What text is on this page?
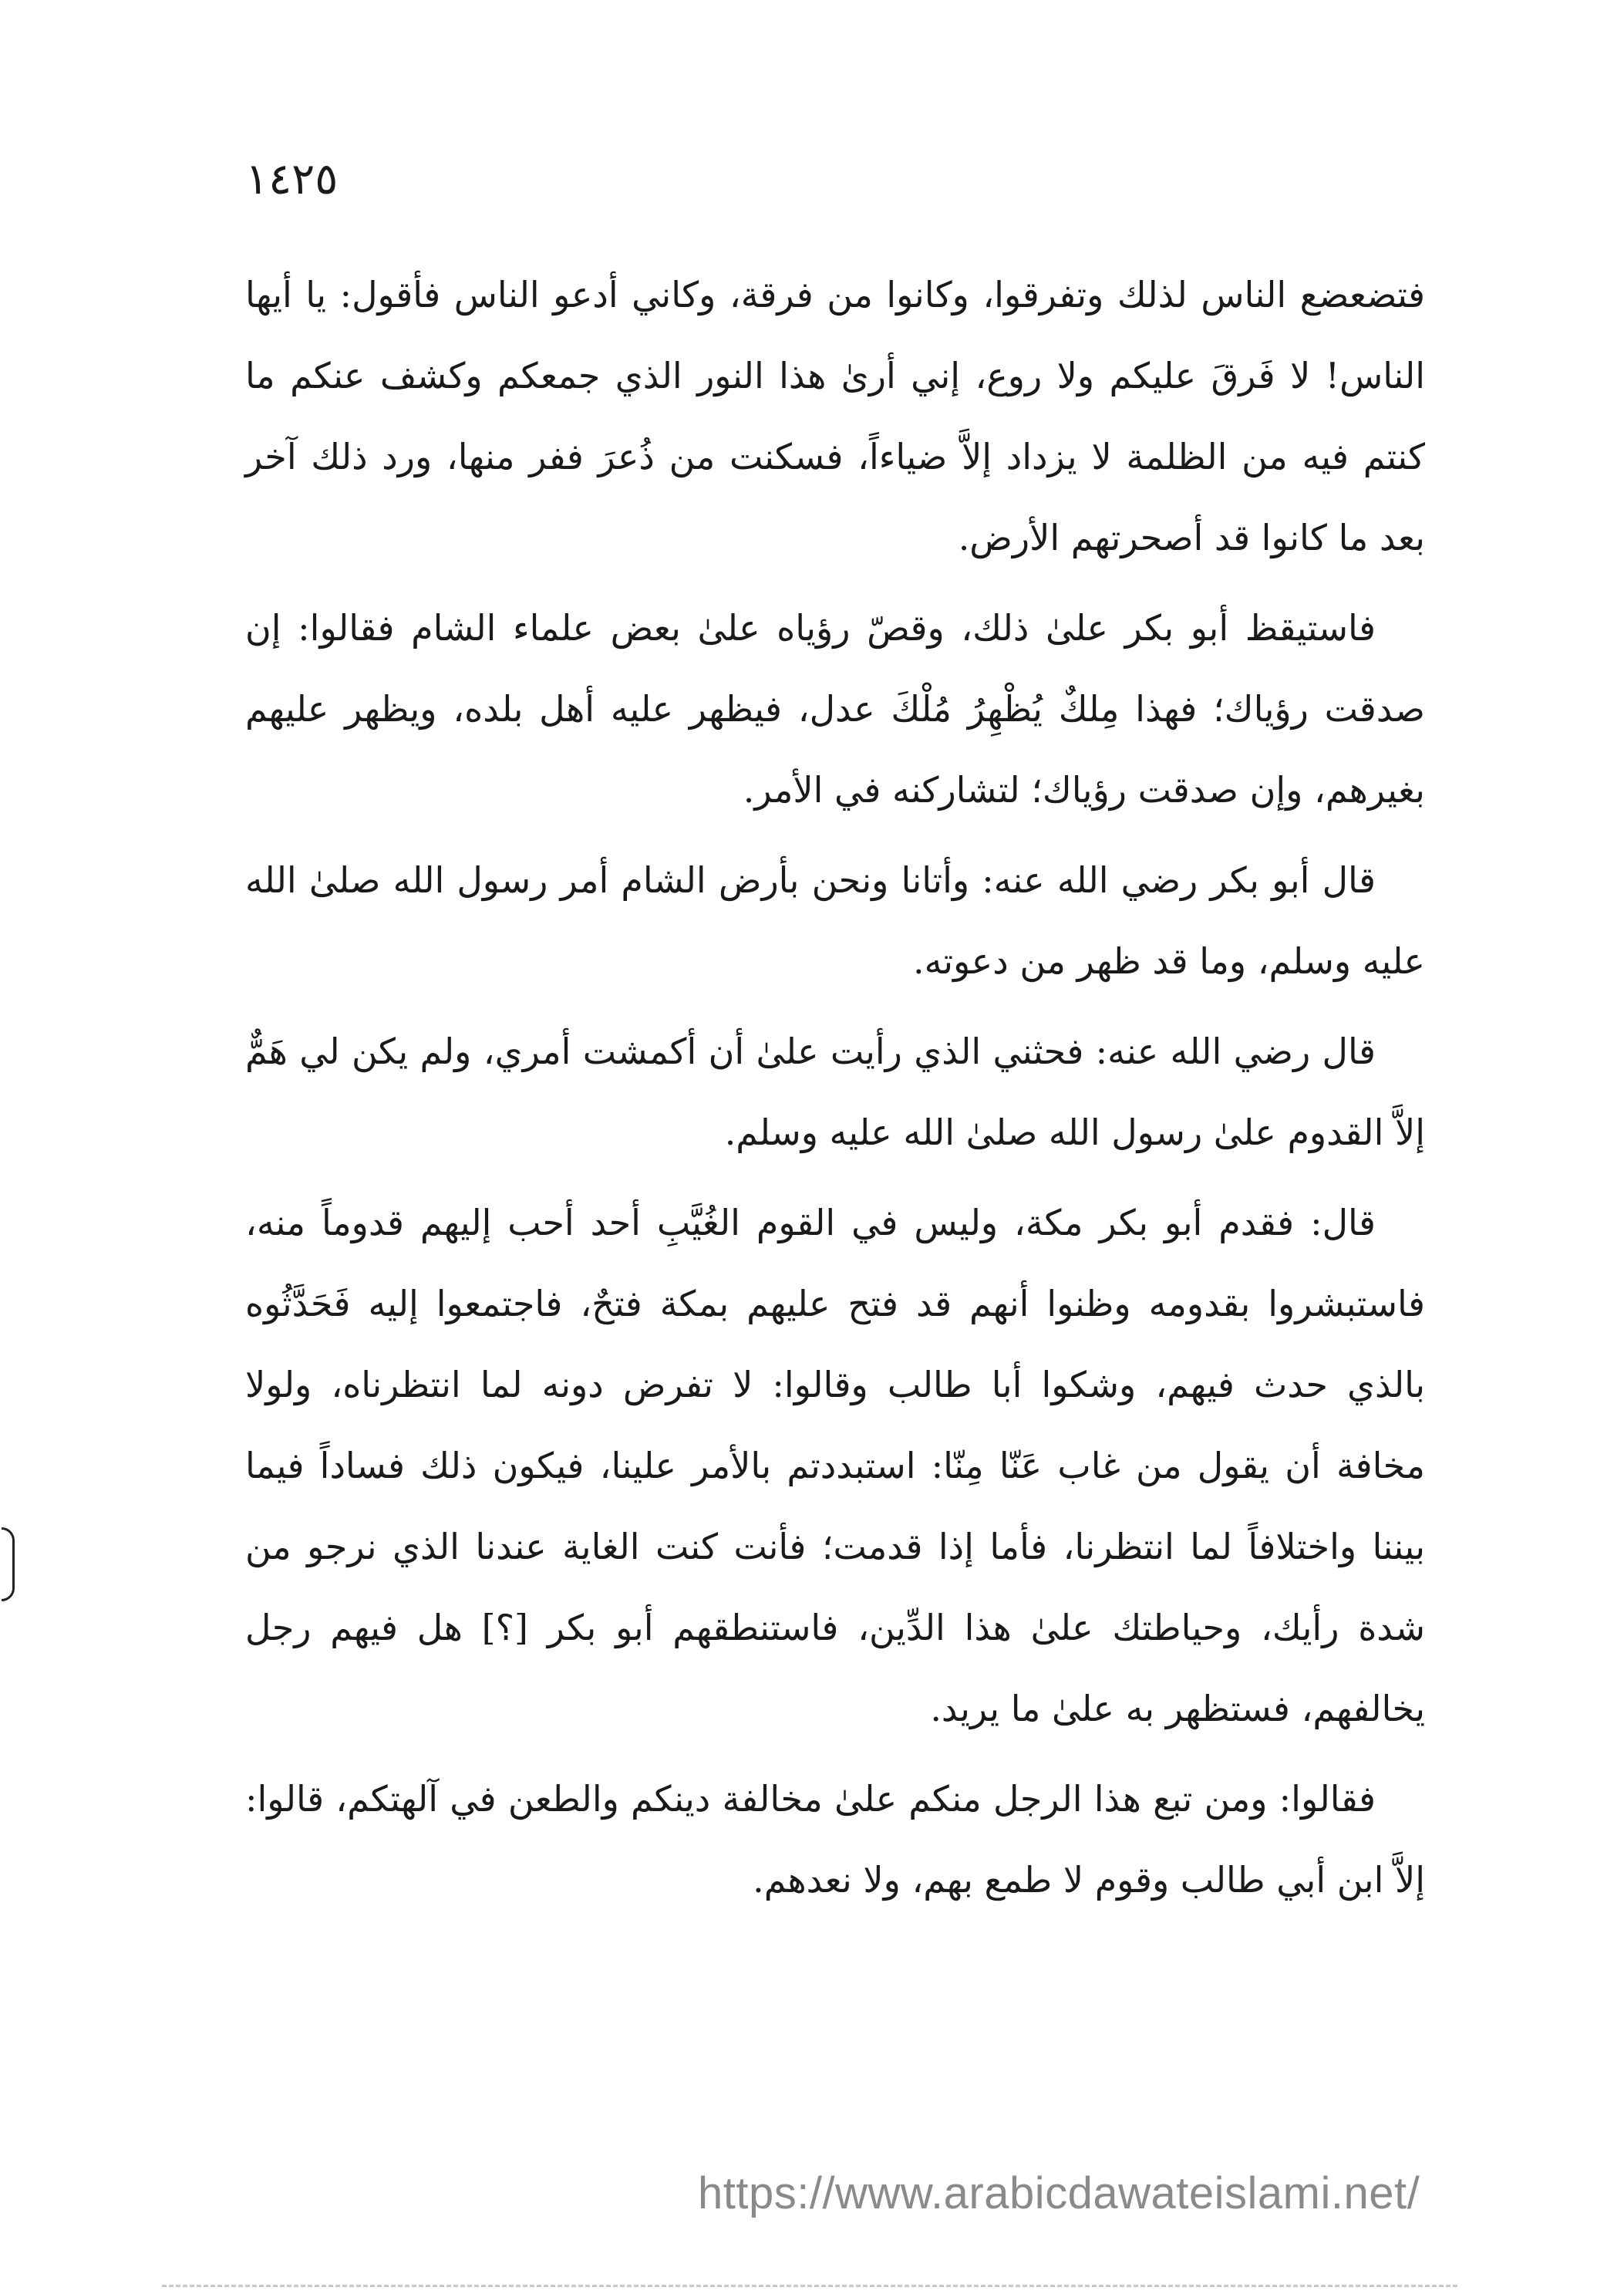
١٤٢٥

فتضعضع الناس لذلك وتفرقوا، وكانوا من فرقة، وكاني أدعو الناس فأقول: يا أيها الناس! لا فَرقَ عليكم ولا روع، إني أرىٰ هذا النور الذي جمعكم وكشف عنكم ما كنتم فيه من الظلمة لا يزداد إلاَّ ضياءاً، فسكنت من ذُعرَ ففر منها، ورد ذلك آخر بعد ما كانوا قد أصحرتهم الأرض.

فاستيقظ أبو بكر علىٰ ذلك، وقصّ رؤياه علىٰ بعض علماء الشام فقالوا: إن صدقت رؤياك؛ فهذا مِلكٌ يُظْهِرُ مُلْكَ عدل، فيظهر عليه أهل بلده، ويظهر عليهم بغيرهم، وإن صدقت رؤياك؛ لتشاركنه في الأمر.

قال أبو بكر رضي الله عنه: وأتانا ونحن بأرض الشام أمر رسول الله صلىٰ الله عليه وسلم، وما قد ظهر من دعوته.

قال رضي الله عنه: فحثني الذي رأيت علىٰ أن أكمشت أمري، ولم يكن لي هَمٌّ إلاَّ القدوم علىٰ رسول الله صلىٰ الله عليه وسلم.

قال: فقدم أبو بكر مكة، وليس في القوم الغُيَّبِ أحد أحب إليهم قدوماً منه، فاستبشروا بقدومه وظنوا أنهم قد فتح عليهم بمكة فتحٌ، فاجتمعوا إليه فَحَدَّثُوه بالذي حدث فيهم، وشكوا أبا طالب وقالوا: لا تفرض دونه لما انتظرناه، ولولا مخافة أن يقول من غاب عَنّا مِنّا: استبددتم بالأمر علينا، فيكون ذلك فساداً فيما بيننا واختلافاً لما انتظرنا، فأما إذا قدمت؛ فأنت كنت الغاية عندنا الذي نرجو من شدة رأيك، وحياطتك علىٰ هذا الدِّين، فاستنطقهم أبو بكر [؟] هل فيهم رجل يخالفهم، فستظهر به علىٰ ما يريد.

فقالوا: ومن تبع هذا الرجل منكم علىٰ مخالفة دينكم والطعن في آلهتكم، قالوا: إلاَّ ابن أبي طالب وقوم لا طمع بهم، ولا نعدهم.

https://www.arabicdawateislami.net/
